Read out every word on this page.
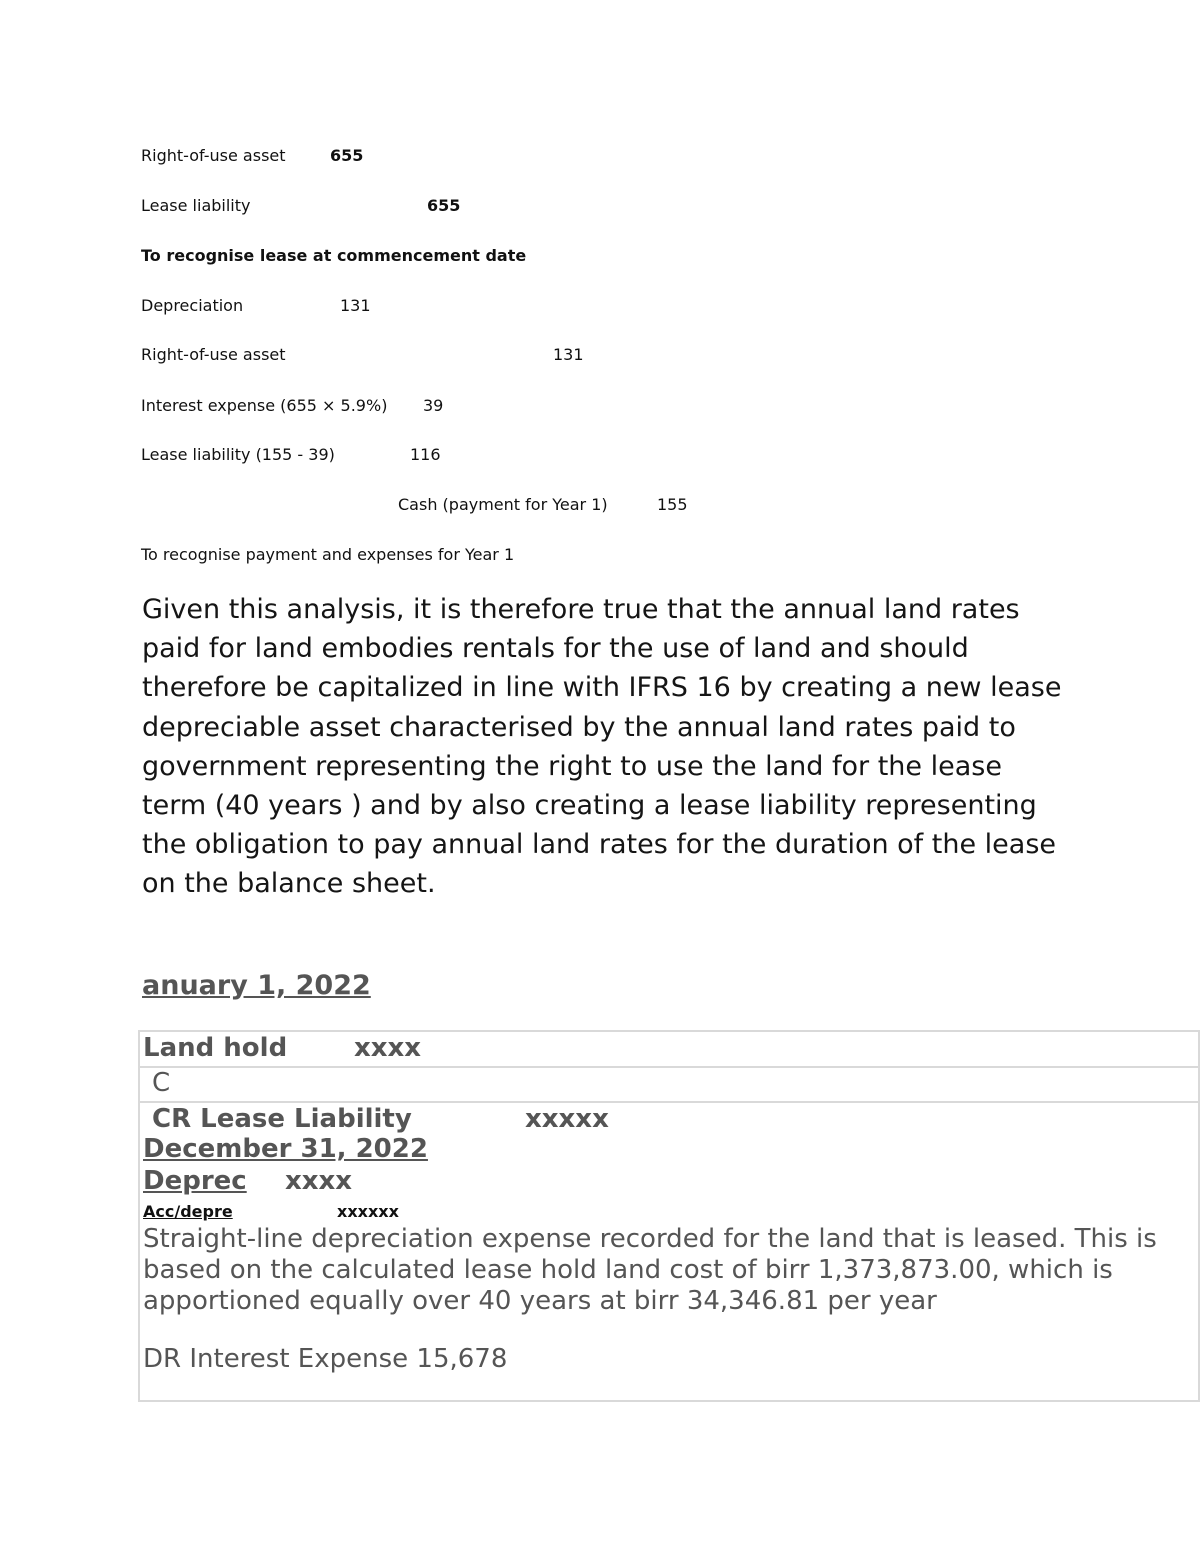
Right-of-use asset	655
Lease liability	655
To recognise lease at commencement date
Depreciation	131
Right-of-use asset	131
Interest expense (655 × 5.9%) 39
Lease liability (155 - 39)	116
Cash (payment for Year 1)	155
To recognise payment and expenses for Year 1
Given this analysis, it is therefore true that the annual land rates paid for land embodies rentals for the use of land and should therefore be capitalized in line with IFRS 16 by creating a new lease depreciable asset characterised by the annual land rates paid to government representing the right to use the land for the lease term (40 years ) and by also creating a lease liability representing the obligation to pay annual land rates for the duration of the lease on the balance sheet.
anuary 1, 2022
Land hold	xxxx
C
CR Lease Liability	xxxxx
December 31, 2022
Deprec xxxx
Acc/depre	xxxxxx
Straight-line depreciation expense recorded for the land that is leased. This is based on the calculated lease hold land cost of birr 1,373,873.00, which is apportioned equally over 40 years at birr 34,346.81 per year
DR Interest Expense 15,678
